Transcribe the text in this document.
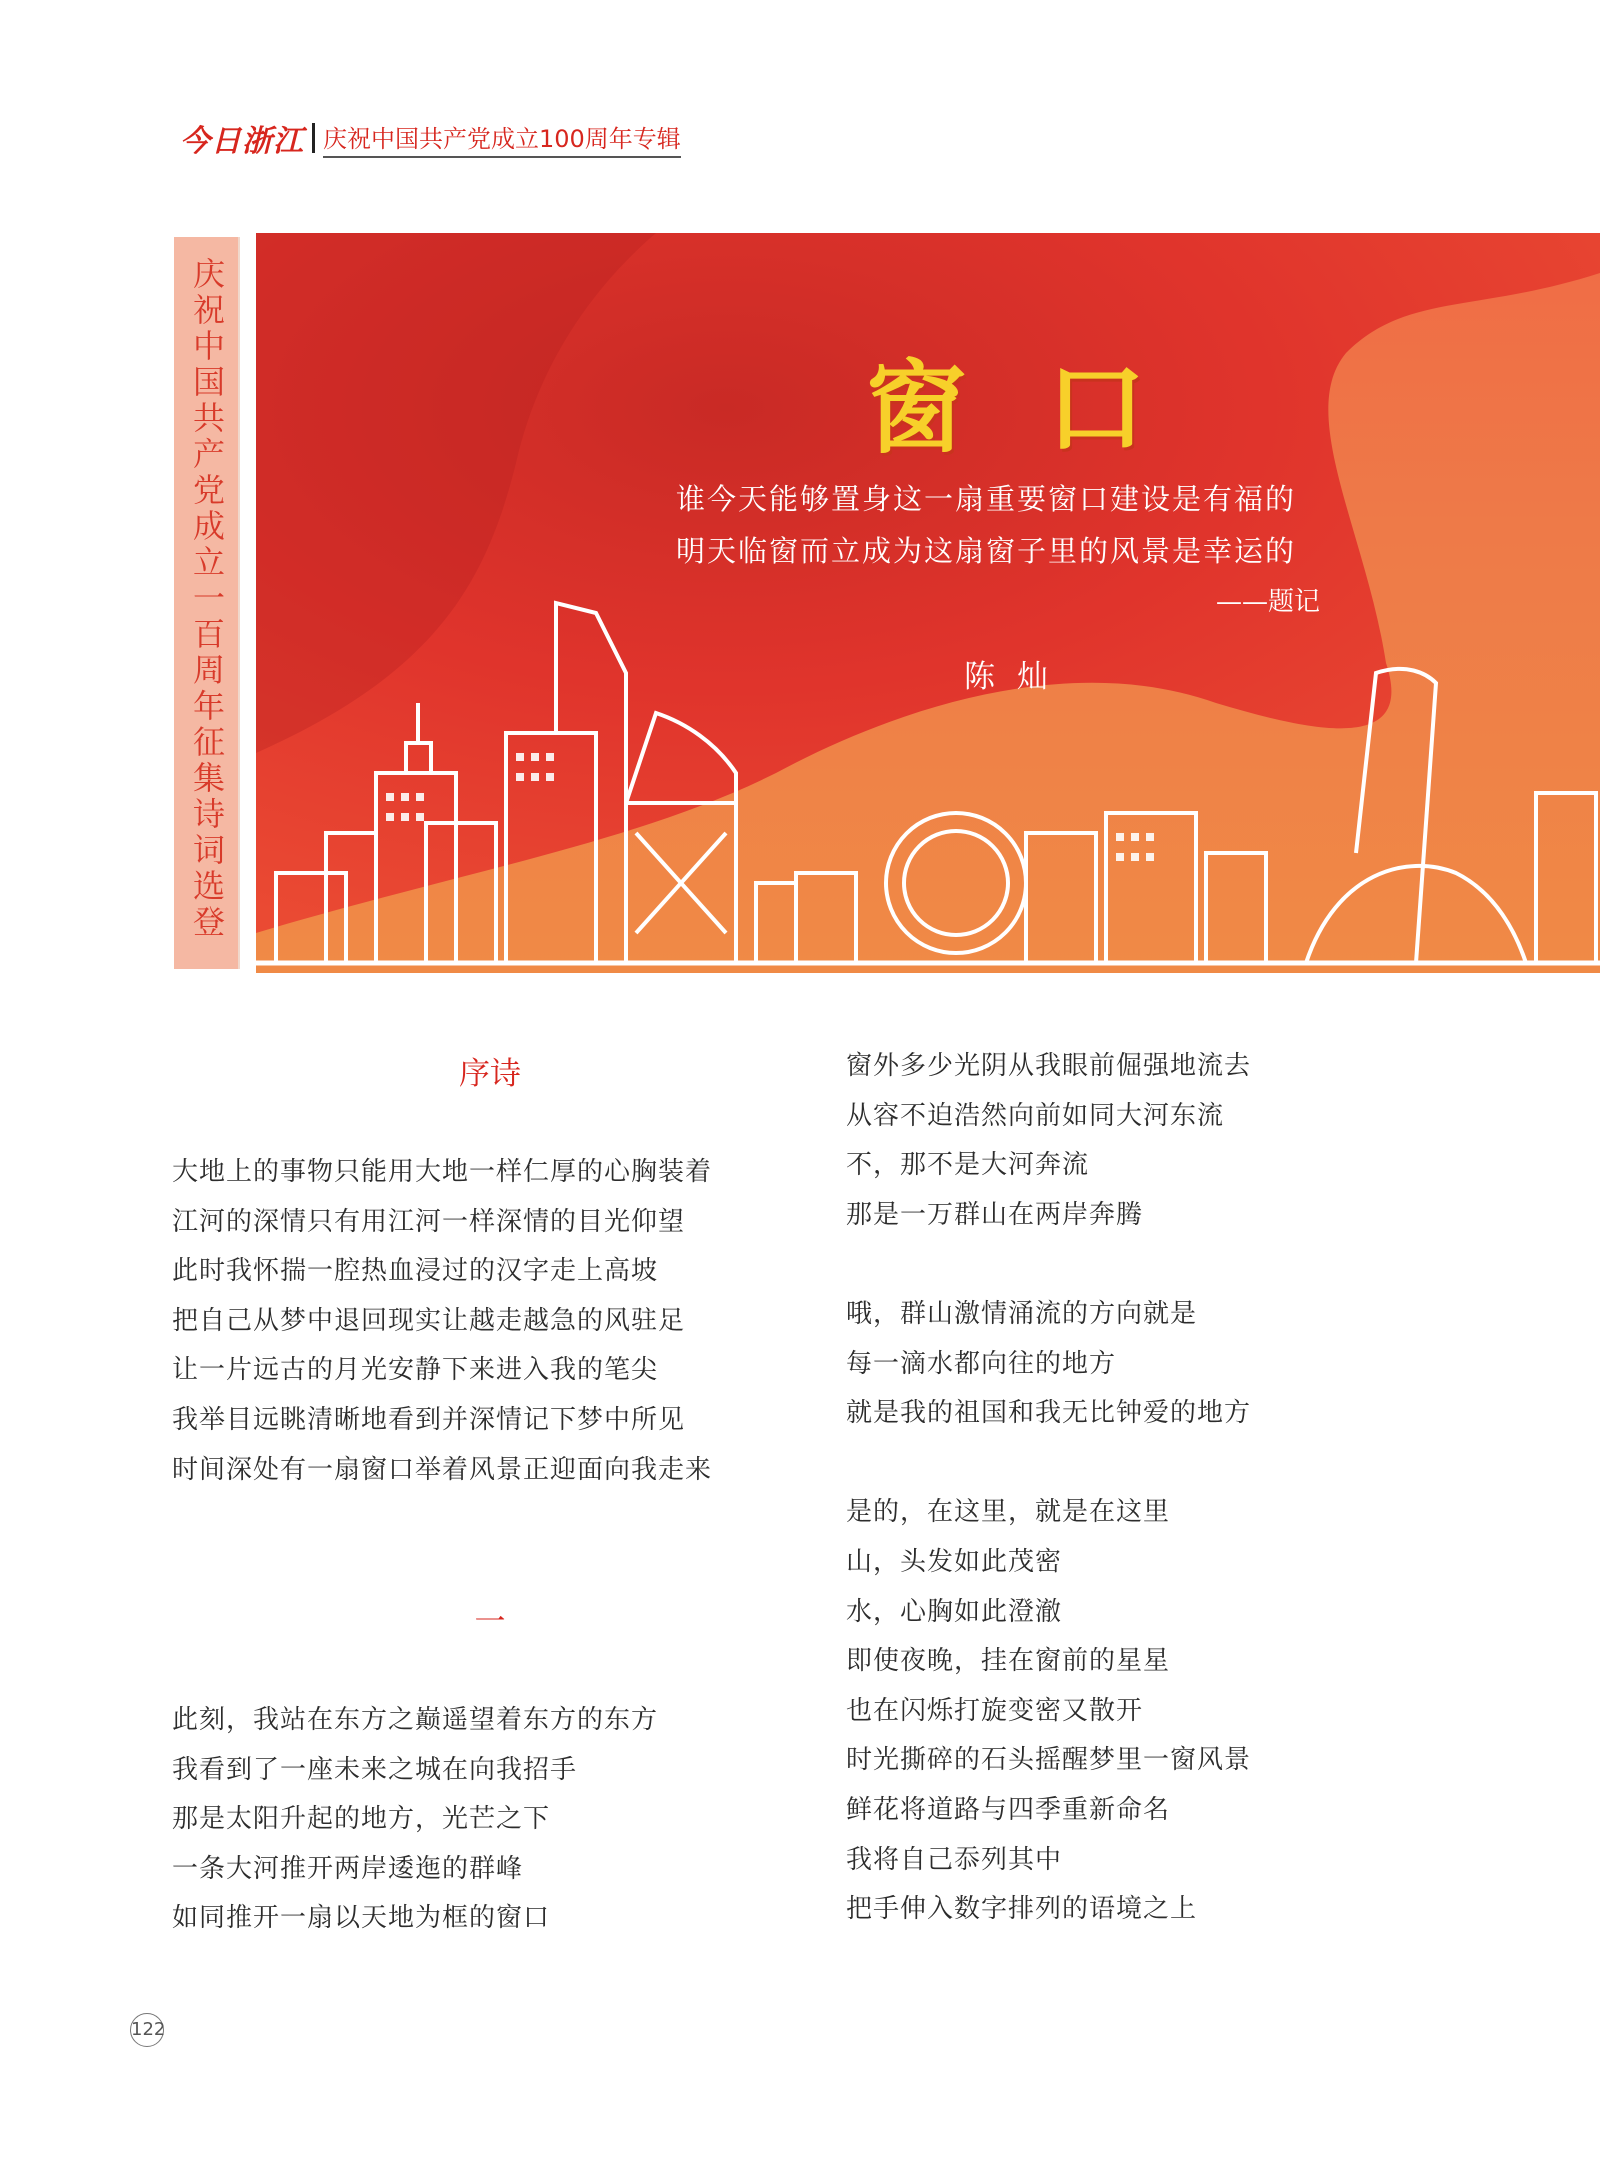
今日浙江 庆祝中国共产党成立100周年专辑
庆祝中国共产党成立一百周年征集诗词选登	窗口
谁今天能够置身这一扇重要窗口建设是有福的
明天临窗而立成为这扇窗子里的风景是幸运的
——题记
陈灿
序诗
大地上的事物只能用大地一样仁厚的心胸装着
江河的深情只有用江河一样深情的目光仰望
此时我怀揣一腔热血浸过的汉字走上高坡
把自己从梦中退回现实让越走越急的风驻足
让一片远古的月光安静下来进入我的笔尖
我举目远眺清晰地看到并深情记下梦中所见
时间深处有一扇窗口举着风景正迎面向我走来
一
此刻，我站在东方之巅遥望着东方的东方
我看到了一座未来之城在向我招手
那是太阳升起的地方，光芒之下
一条大河推开两岸逶迤的群峰
如同推开一扇以天地为框的窗口
窗外多少光阴从我眼前倔强地流去
从容不迫浩然向前如同大河东流
不，那不是大河奔流
那是一万群山在两岸奔腾
哦，群山激情涌流的方向就是
每一滴水都向往的地方
就是我的祖国和我无比钟爱的地方
是的，在这里，就是在这里
山，头发如此茂密
水，心胸如此澄澈
即使夜晚，挂在窗前的星星
也在闪烁打旋变密又散开
时光撕碎的石头摇醒梦里一窗风景
鲜花将道路与四季重新命名
我将自己忝列其中
把手伸入数字排列的语境之上
122
